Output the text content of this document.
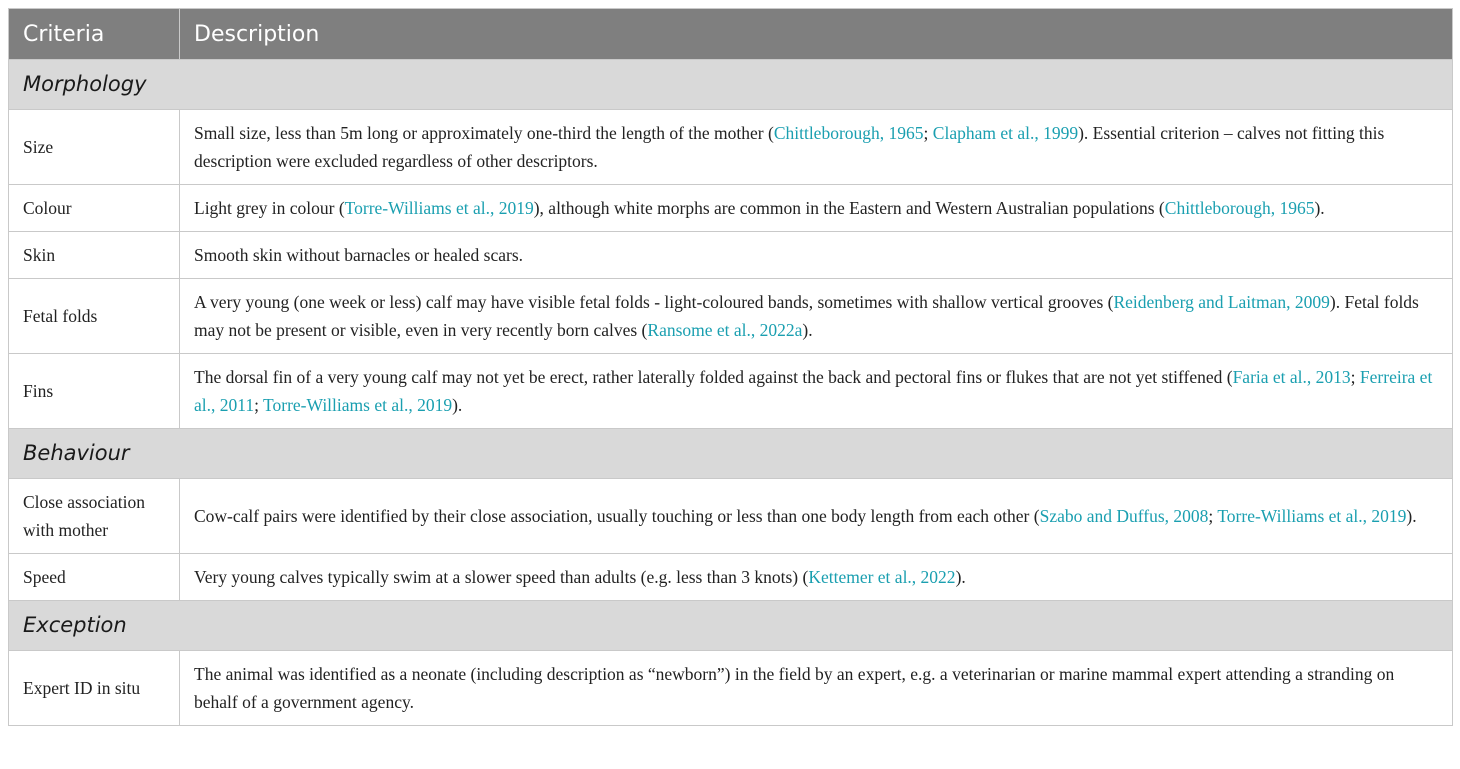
Criteria	Description
Morphology	
Size	Small size, less than 5m long or approximately one-third the length of the mother (Chittleborough, 1965; Clapham et al., 1999). Essential criterion – calves not fitting this description were excluded regardless of other descriptors.
Colour	Light grey in colour (Torre-Williams et al., 2019), although white morphs are common in the Eastern and Western Australian populations (Chittleborough, 1965).
Skin	Smooth skin without barnacles or healed scars.
Fetal folds	A very young (one week or less) calf may have visible fetal folds - light-coloured bands, sometimes with shallow vertical grooves (Reidenberg and Laitman, 2009). Fetal folds may not be present or visible, even in very recently born calves (Ransome et al., 2022a).
Fins	The dorsal fin of a very young calf may not yet be erect, rather laterally folded against the back and pectoral fins or flukes that are not yet stiffened (Faria et al., 2013; Ferreira et al., 2011; Torre-Williams et al., 2019).
Behaviour	
Close association with mother	Cow-calf pairs were identified by their close association, usually touching or less than one body length from each other (Szabo and Duffus, 2008; Torre-Williams et al., 2019).
Speed	Very young calves typically swim at a slower speed than adults (e.g. less than 3 knots) (Kettemer et al., 2022).
Exception	
Expert ID in situ	The animal was identified as a neonate (including description as “newborn”) in the field by an expert, e.g. a veterinarian or marine mammal expert attending a stranding on behalf of a government agency.
